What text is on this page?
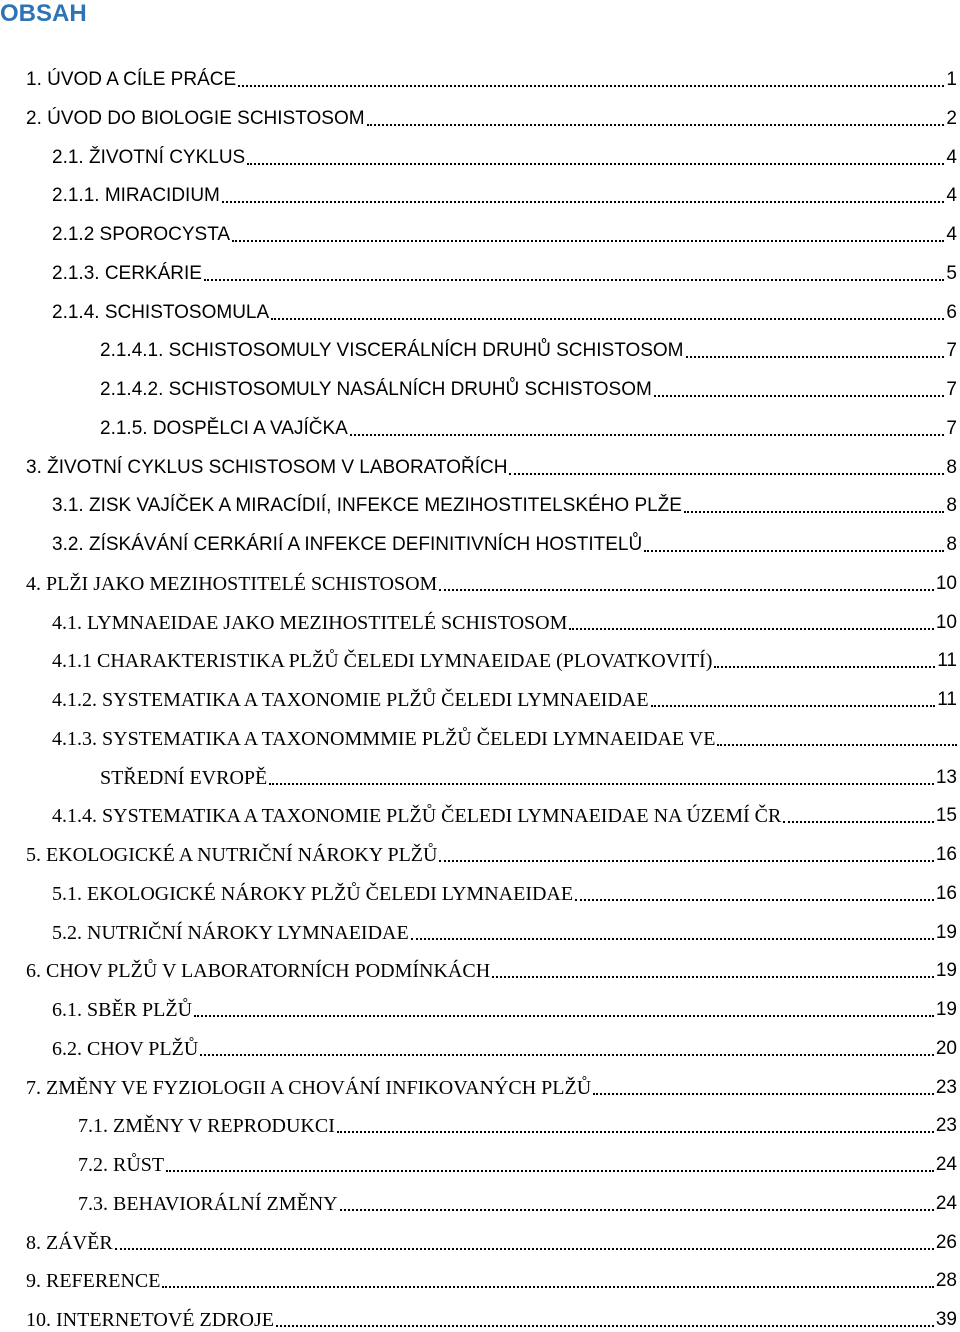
OBSAH
1. ÚVOD A CÍLE PRÁCE	1
2. ÚVOD DO BIOLOGIE SCHISTOSOM	2
2.1. ŽIVOTNÍ CYKLUS	4
2.1.1. MIRACIDIUM	4
2.1.2 SPOROCYSTA	4
2.1.3. CERKÁRIE	5
2.1.4. SCHISTOSOMULA	6
2.1.4.1. SCHISTOSOMULY VISCERÁLNÍCH DRUHŮ SCHISTOSOM	7
2.1.4.2. SCHISTOSOMULY NASÁLNÍCH DRUHŮ SCHISTOSOM	7
2.1.5. DOSPĚLCI A VAJÍČKA	7
3. ŽIVOTNÍ CYKLUS SCHISTOSOM V LABORATOŘÍCH	8
3.1. ZISK VAJÍČEK A MIRACÍDIÍ, INFEKCE MEZIHOSTITELSKÉHO PLŽE	8
3.2. ZÍSKÁVÁNÍ CERKÁRIÍ A INFEKCE DEFINITIVNÍCH HOSTITELŮ	8
4. PLŽI JAKO MEZIHOSTITELÉ SCHISTOSOM	10
4.1. LYMNAEIDAE JAKO MEZIHOSTITELÉ SCHISTOSOM	10
4.1.1 CHARAKTERISTIKA PLŽŮ ČELEDI LYMNAEIDAE (PLOVATKOVITÍ)	11
4.1.2. SYSTEMATIKA A TAXONOMIE PLŽŮ ČELEDI LYMNAEIDAE	11
4.1.3. SYSTEMATIKA A TAXONOMMMIE PLŽŮ ČELEDI LYMNAEIDAE VE
STŘEDNÍ EVROPĚ	13
4.1.4. SYSTEMATIKA A TAXONOMIE PLŽŮ ČELEDI LYMNAEIDAE NA ÚZEMÍ ČR	15
5. EKOLOGICKÉ A NUTRIČNÍ NÁROKY PLŽŮ	16
5.1. EKOLOGICKÉ NÁROKY PLŽŮ ČELEDI LYMNAEIDAE	16
5.2. NUTRIČNÍ NÁROKY LYMNAEIDAE	19
6. CHOV PLŽŮ V LABORATORNÍCH PODMÍNKÁCH	19
6.1. SBĚR PLŽŮ	19
6.2. CHOV PLŽŮ	20
7. ZMĚNY VE FYZIOLOGII A CHOVÁNÍ INFIKOVANÝCH PLŽŮ	23
7.1. ZMĚNY V REPRODUKCI	23
7.2. RŮST	24
7.3. BEHAVIORÁLNÍ ZMĚNY	24
8. ZÁVĚR	26
9. REFERENCE	28
10. INTERNETOVÉ ZDROJE	39
